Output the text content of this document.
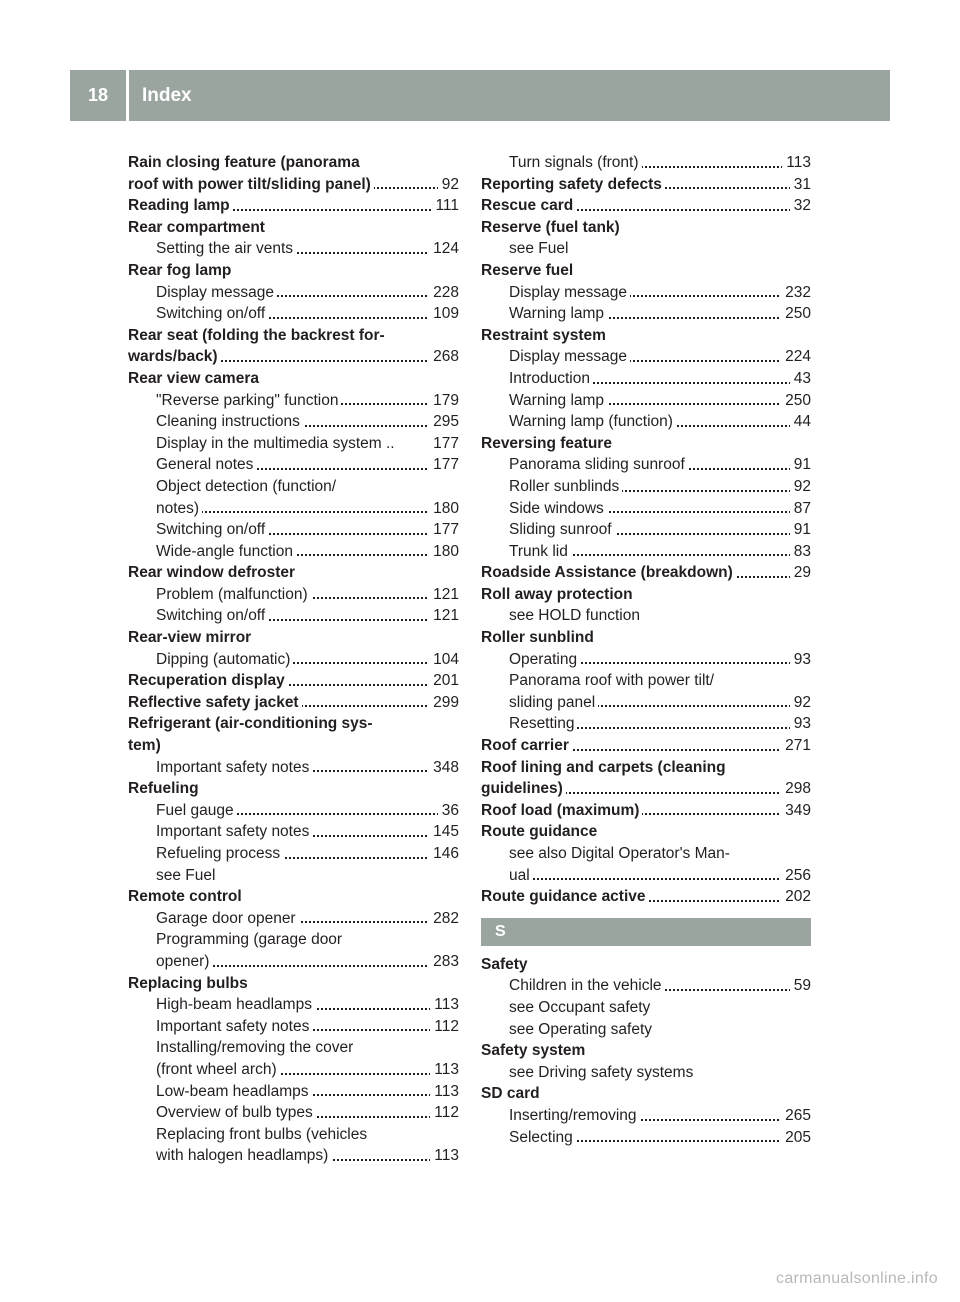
18	Index
Rain closing feature (panorama
roof with power tilt/sliding panel)	92
Reading lamp	111
Rear compartment
Setting the air vents	124
Rear fog lamp
Display message	228
Switching on/off	109
Rear seat (folding the backrest for-
wards/back)	268
Rear view camera
"Reverse parking" function	179
Cleaning instructions	295
Display in the multimedia system .. 177
General notes	177
Object detection (function/
notes)	180
Switching on/off	177
Wide-angle function	180
Rear window defroster
Problem (malfunction)	121
Switching on/off	121
Rear-view mirror
Dipping (automatic)	104
Recuperation display	201
Reflective safety jacket	299
Refrigerant (air-conditioning sys-
tem)
Important safety notes	348
Refueling
Fuel gauge	36
Important safety notes	145
Refueling process	146
see Fuel
Remote control
Garage door opener	282
Programming (garage door
opener)	283
Replacing bulbs
High-beam headlamps	113
Important safety notes	112
Installing/removing the cover
(front wheel arch)	113
Low-beam headlamps	113
Overview of bulb types	112
Replacing front bulbs (vehicles
with halogen headlamps)	113
Turn signals (front)	113
Reporting safety defects	31
Rescue card	32
Reserve (fuel tank)
see Fuel
Reserve fuel
Display message	232
Warning lamp	250
Restraint system
Display message	224
Introduction	43
Warning lamp	250
Warning lamp (function)	44
Reversing feature
Panorama sliding sunroof	91
Roller sunblinds	92
Side windows	87
Sliding sunroof	91
Trunk lid	83
Roadside Assistance (breakdown)	29
Roll away protection
see HOLD function
Roller sunblind
Operating	93
Panorama roof with power tilt/
sliding panel	92
Resetting	93
Roof carrier	271
Roof lining and carpets (cleaning
guidelines)	298
Roof load (maximum)	349
Route guidance
see also Digital Operator's Man-
ual	256
Route guidance active	202
S
Safety
Children in the vehicle	59
see Occupant safety
see Operating safety
Safety system
see Driving safety systems
SD card
Inserting/removing	265
Selecting	205
carmanualsonline.info
